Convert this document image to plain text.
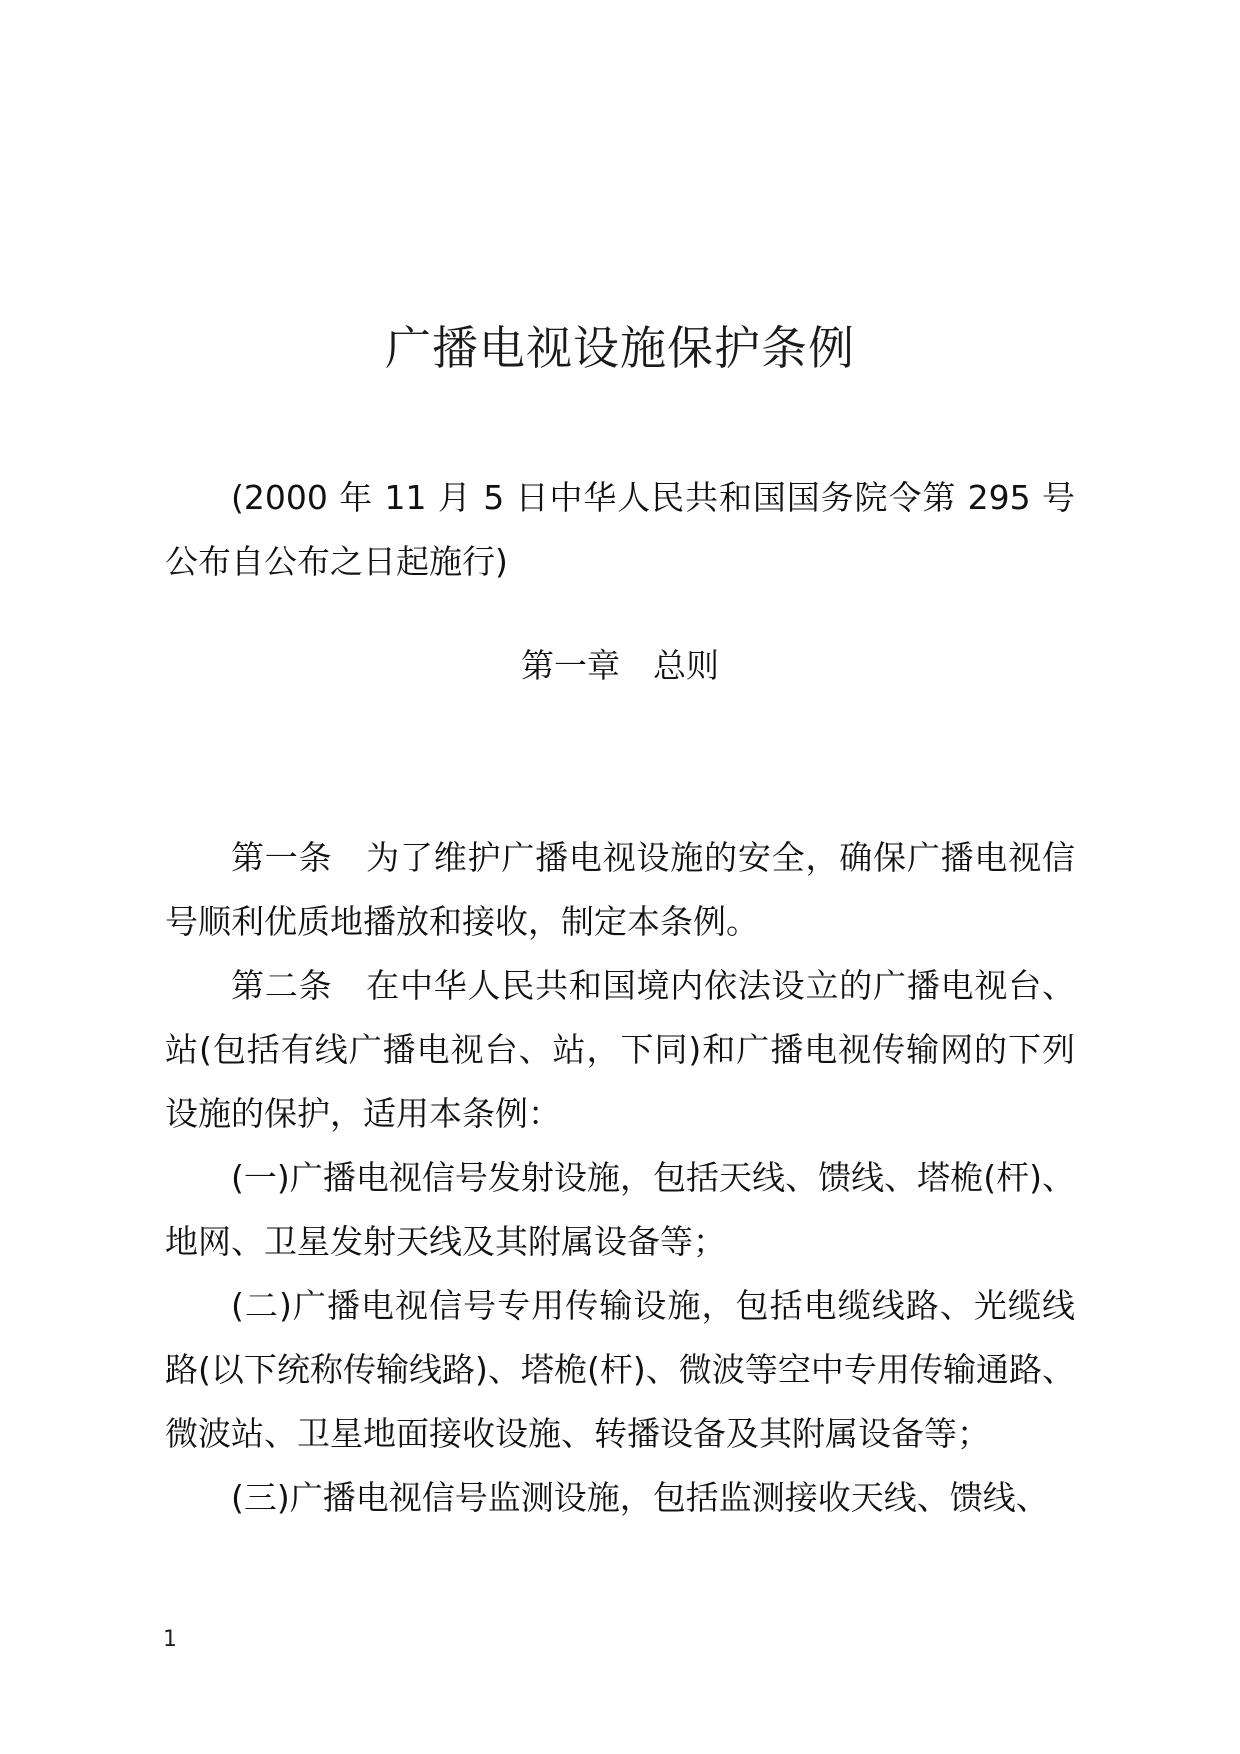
广播电视设施保护条例

(2000 年 11 月 5 日中华人民共和国国务院令第 295 号公布自公布之日起施行)

第一章　总则

第一条　为了维护广播电视设施的安全，确保广播电视信号顺利优质地播放和接收，制定本条例。

第二条　在中华人民共和国境内依法设立的广播电视台、站(包括有线广播电视台、站，下同)和广播电视传输网的下列设施的保护，适用本条例：

(一)广播电视信号发射设施，包括天线、馈线、塔桅(杆)、地网、卫星发射天线及其附属设备等；

(二)广播电视信号专用传输设施，包括电缆线路、光缆线路(以下统称传输线路)、塔桅(杆)、微波等空中专用传输通路、微波站、卫星地面接收设施、转播设备及其附属设备等；

(三)广播电视信号监测设施，包括监测接收天线、馈线、

1
